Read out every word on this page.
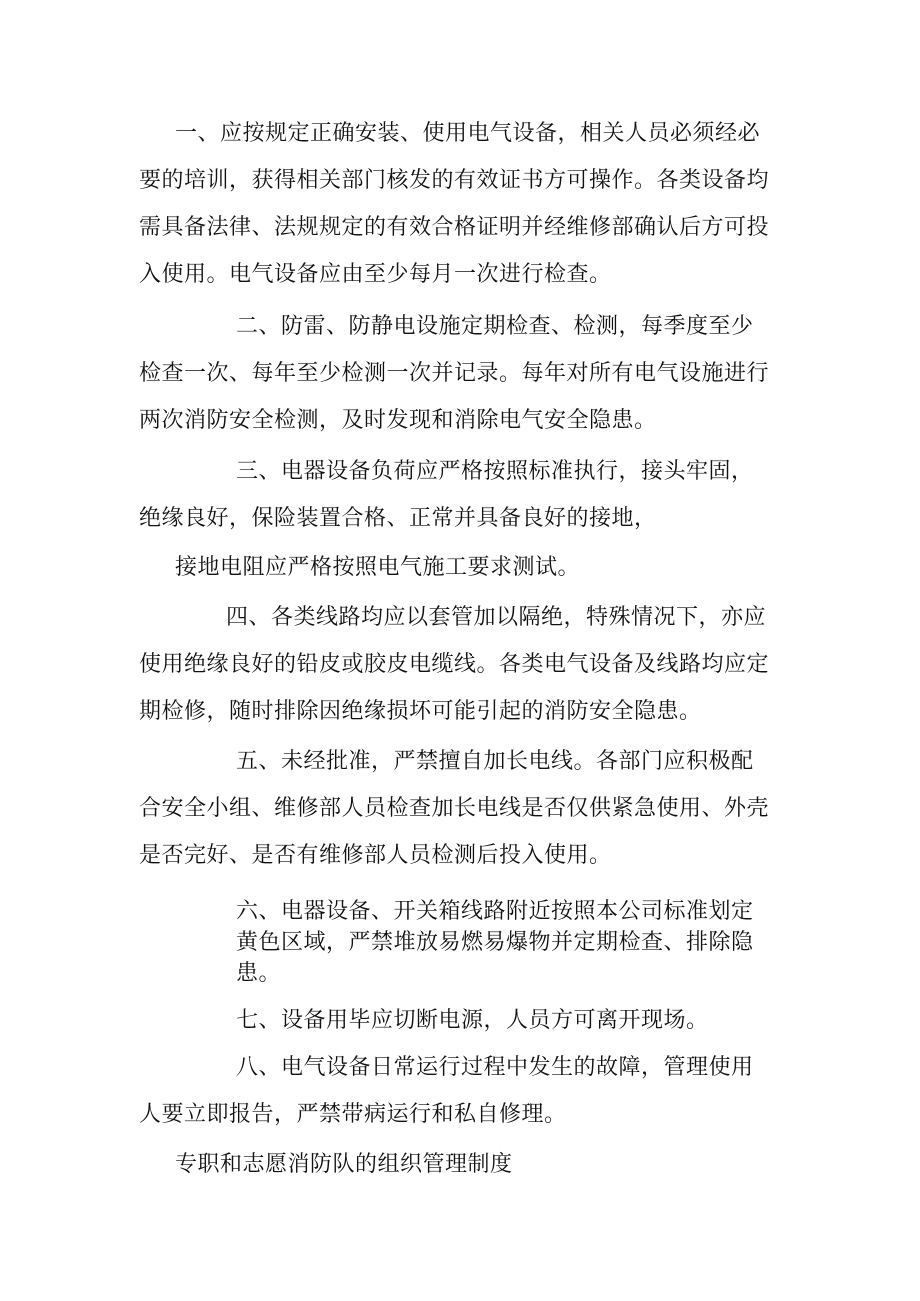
一、应按规定正确安装、使用电气设备，相关人员必须经必
要的培训，获得相关部门核发的有效证书方可操作。各类设备均
需具备法律、法规规定的有效合格证明并经维修部确认后方可投
入使用。电气设备应由至少每月一次进行检查。
二、防雷、防静电设施定期检查、检测，每季度至少
检查一次、每年至少检测一次并记录。每年对所有电气设施进行
两次消防安全检测，及时发现和消除电气安全隐患。
三、电器设备负荷应严格按照标准执行，接头牢固，
绝缘良好，保险装置合格、正常并具备良好的接地，
接地电阻应严格按照电气施工要求测试。
四、各类线路均应以套管加以隔绝，特殊情况下，亦应
使用绝缘良好的铅皮或胶皮电缆线。各类电气设备及线路均应定
期检修，随时排除因绝缘损坏可能引起的消防安全隐患。
五、未经批准，严禁擅自加长电线。各部门应积极配
合安全小组、维修部人员检查加长电线是否仅供紧急使用、外壳
是否完好、是否有维修部人员检测后投入使用。
六、电器设备、开关箱线路附近按照本公司标准划定
黄色区域，严禁堆放易燃易爆物并定期检查、排除隐
患。
七、设备用毕应切断电源，人员方可离开现场。
八、电气设备日常运行过程中发生的故障，管理使用
人要立即报告，严禁带病运行和私自修理。
专职和志愿消防队的组织管理制度
